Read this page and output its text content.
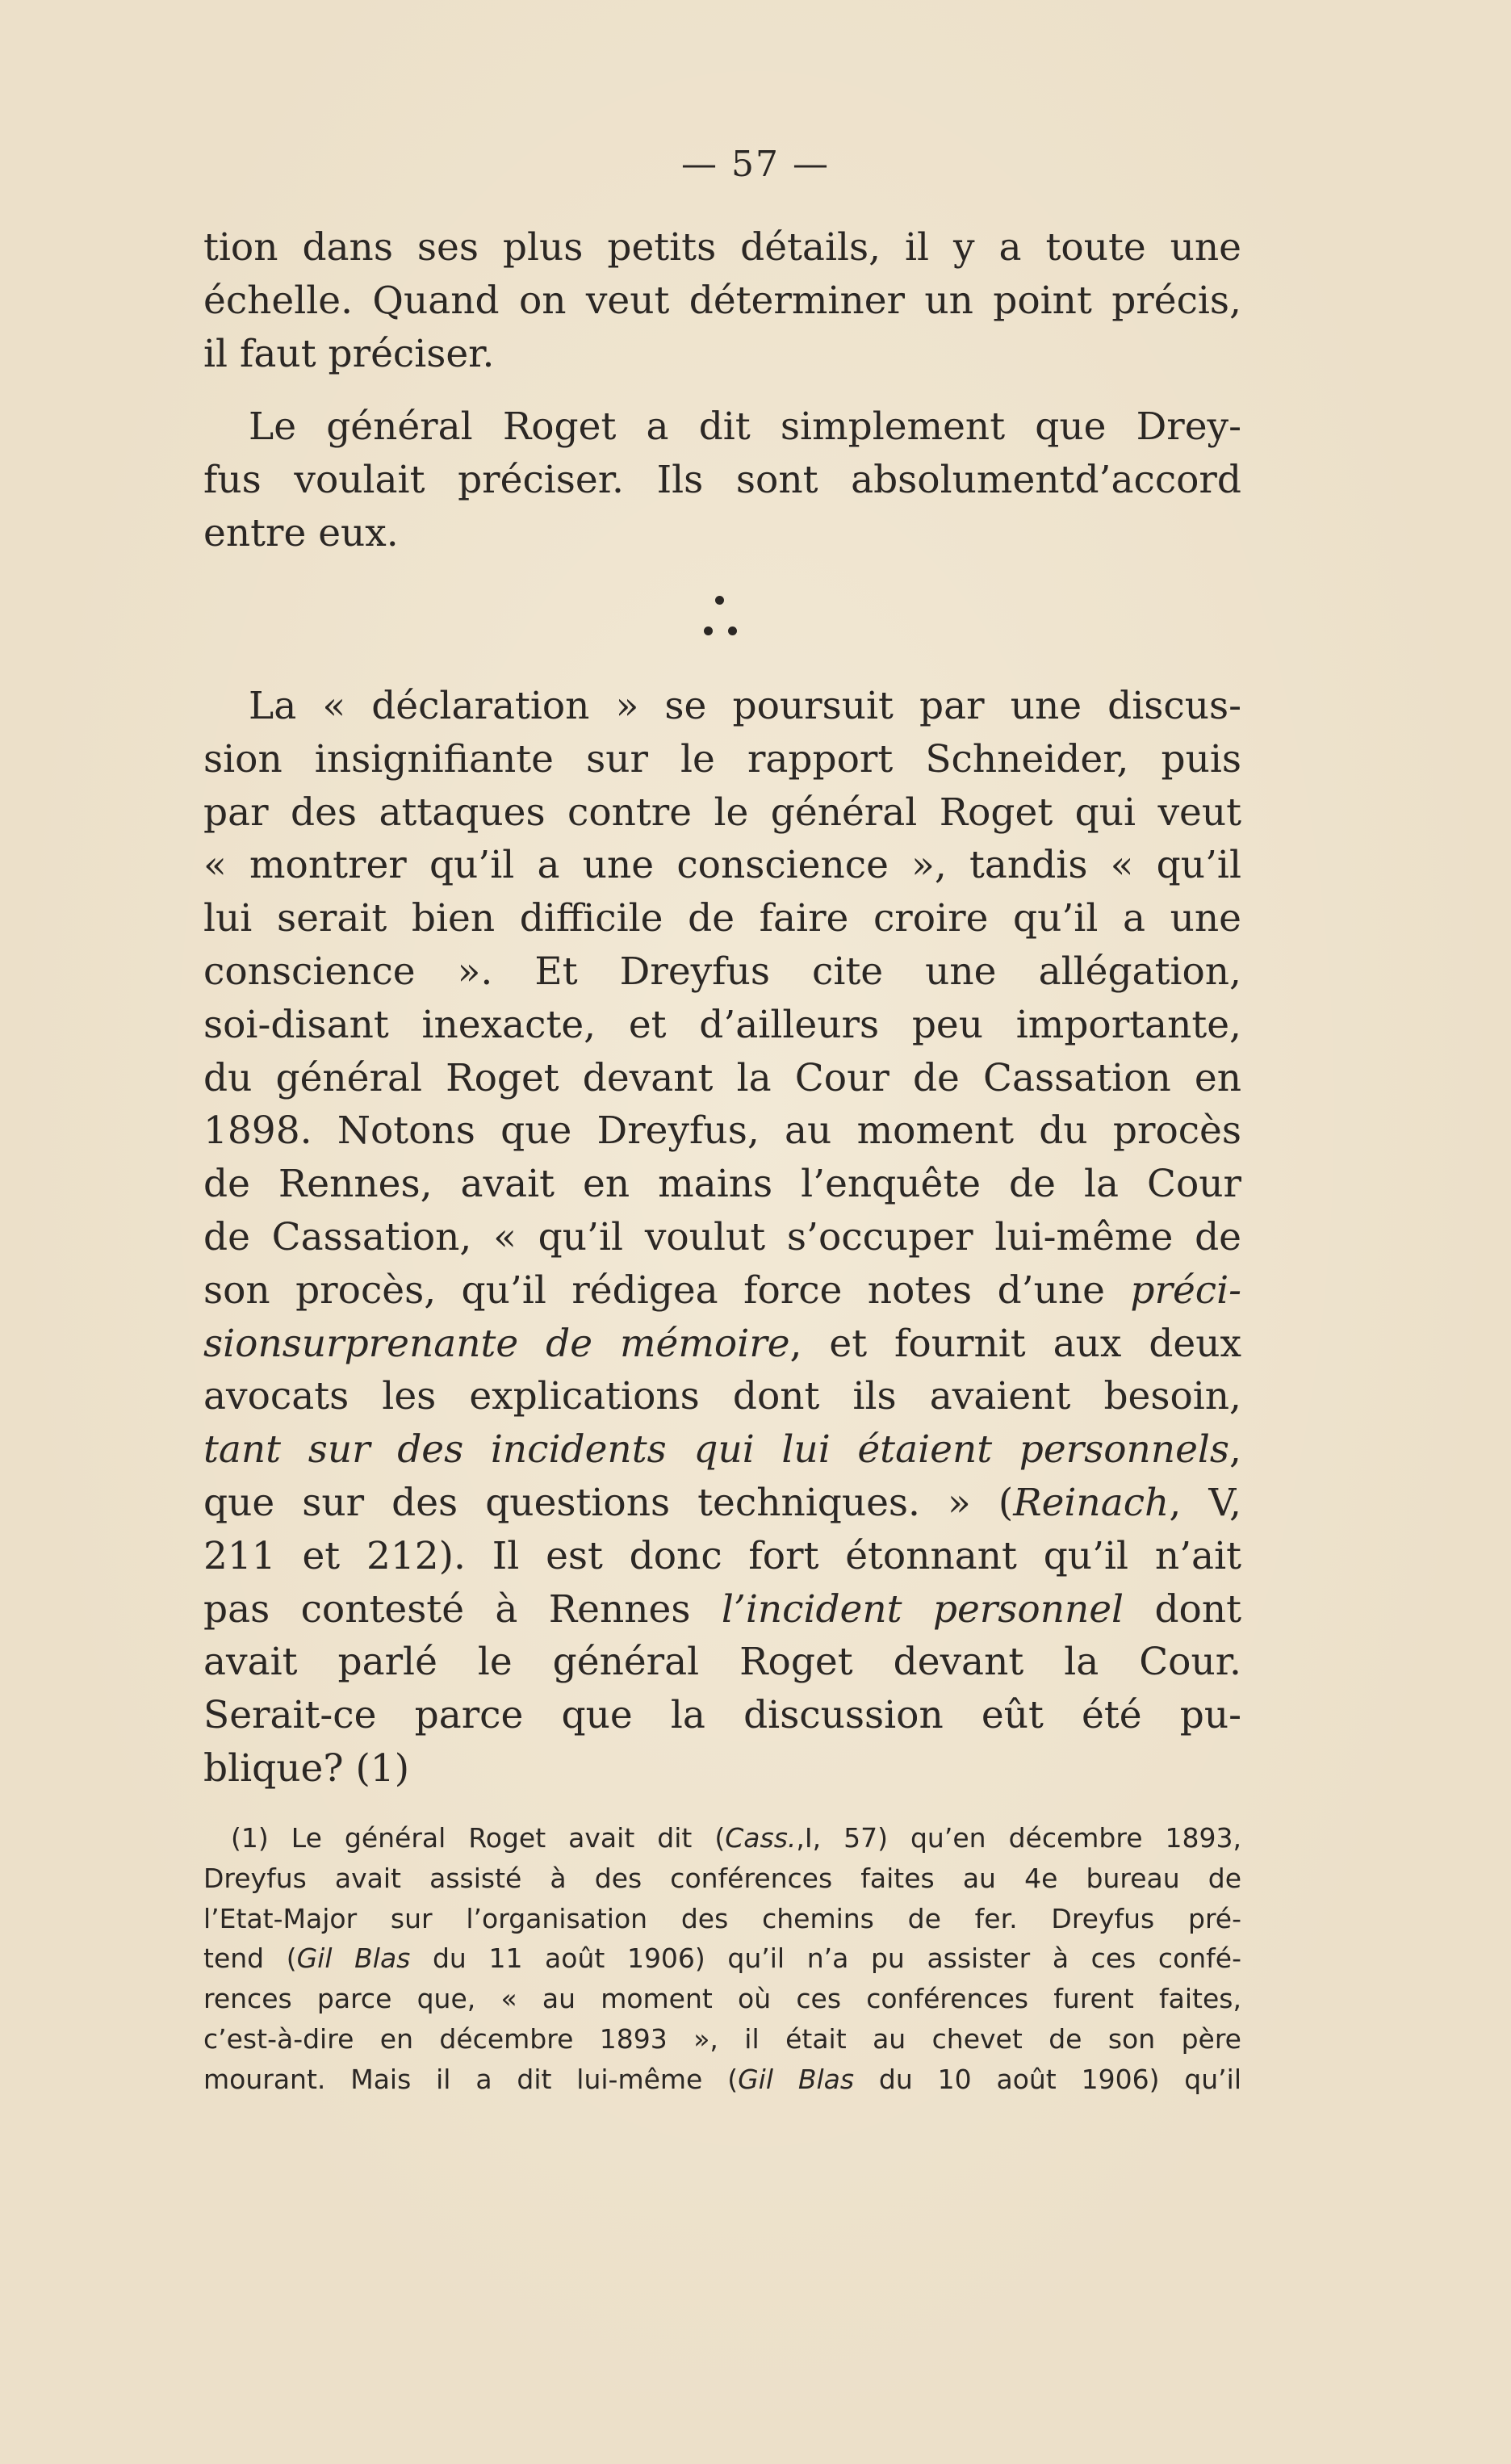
— 57 —
tion dans ses plus petits détails, il y a toute une
échelle. Quand on veut déterminer un point précis,
il faut préciser.
Le général Roget a dit simplement que Drey-
fus voulait préciser. Ils sont absolumentd’accord
entre eux.
La « déclaration » se poursuit par une discus-
sion insignifiante sur le rapport Schneider, puis
par des attaques contre le général Roget qui veut
« montrer qu’il a une conscience », tandis « qu’il
lui serait bien difficile de faire croire qu’il a une
conscience ». Et Dreyfus cite une allégation,
soi-disant inexacte, et d’ailleurs peu importante,
du général Roget devant la Cour de Cassation en
1898. Notons que Dreyfus, au moment du procès
de Rennes, avait en mains l’enquête de la Cour
de Cassation, « qu’il voulut s’occuper lui-même de
son procès, qu’il rédigea force notes d’une préci-
sionsurprenante de mémoire, et fournit aux deux
avocats les explications dont ils avaient besoin,
tant sur des incidents qui lui étaient personnels,
que sur des questions techniques. » (Reinach, V,
211 et 212). Il est donc fort étonnant qu’il n’ait
pas contesté à Rennes l’incident personnel dont
avait parlé le général Roget devant la Cour.
Serait-ce parce que la discussion eût été pu-
blique? (1)
(1) Le général Roget avait dit (Cass.,I, 57) qu’en décembre 1893,
Dreyfus avait assisté à des conférences faites au 4e bureau de
l’Etat-Major sur l’organisation des chemins de fer. Dreyfus pré-
tend (Gil Blas du 11 août 1906) qu’il n’a pu assister à ces confé-
rences parce que, « au moment où ces conférences furent faites,
c’est-à-dire en décembre 1893 », il était au chevet de son père
mourant. Mais il a dit lui-même (Gil Blas du 10 août 1906) qu’il
